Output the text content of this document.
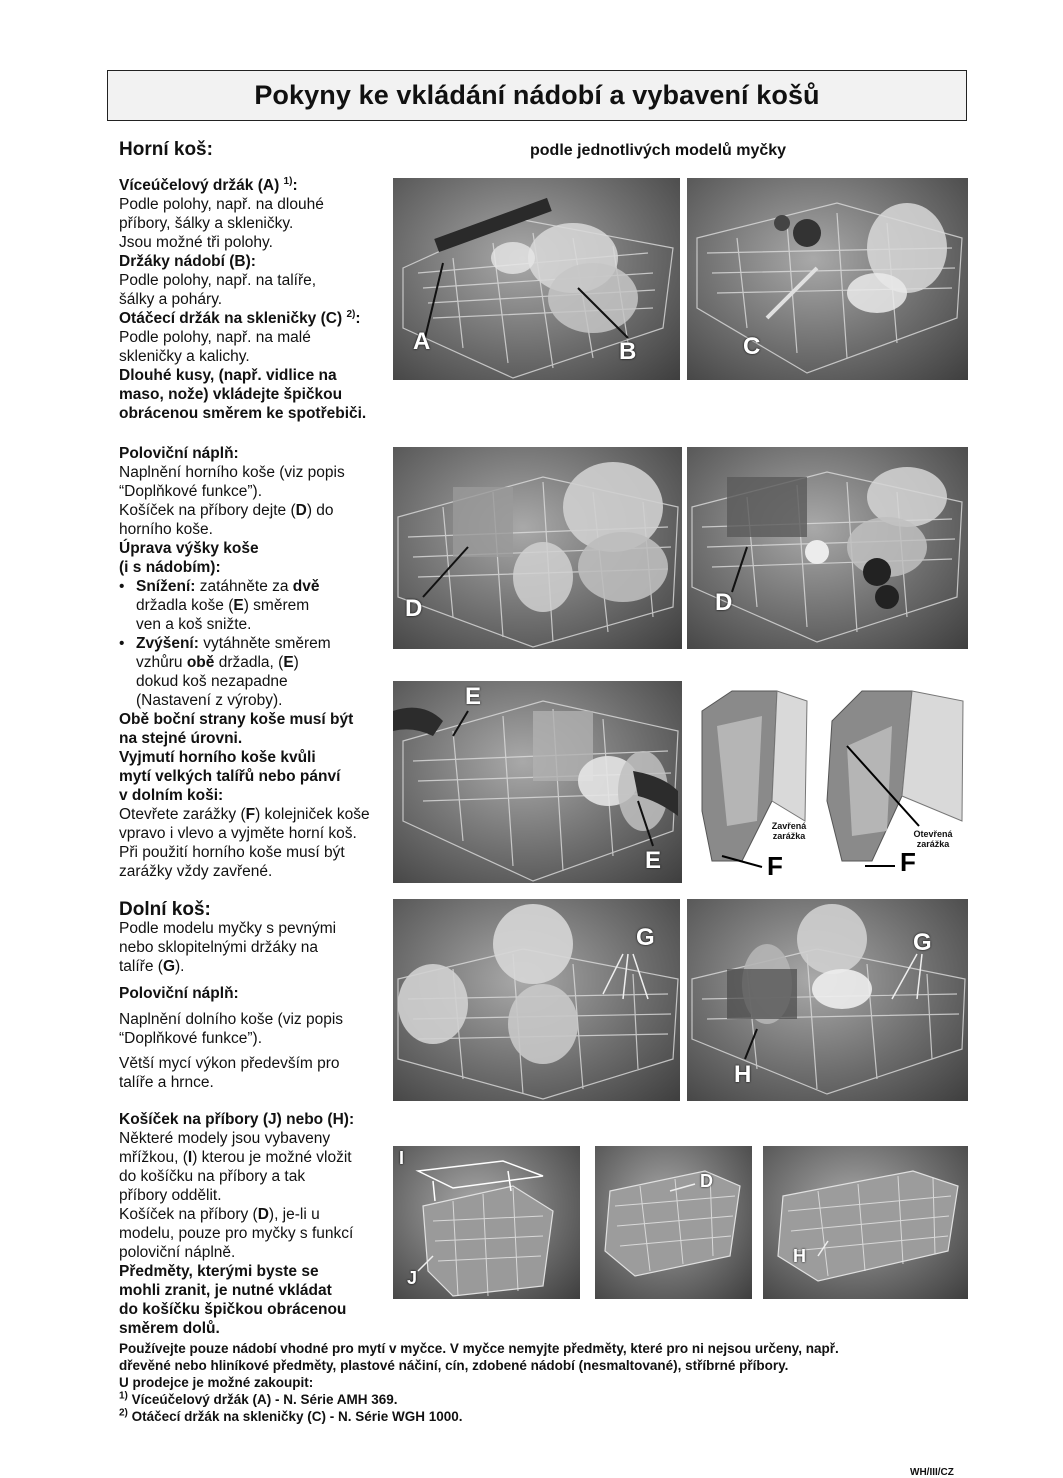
Pokyny ke vkládání nádobí a vybavení košů
podle jednotlivých modelů myčky

Horní koš:

Víceúčelový držák (A) $^{1)}$:

Podle polohy, např. na dlouhé

příbory, šálky a skleničky.

Jsou možné tři polohy.

Držáky nádobí (B):

Podle polohy, např. na talíře,

šálky a poháry.

Otáčecí držák na skleničky (C) $^{2)}$:

Podle polohy, např. na malé

skleničky a kalichy.

Dlouhé kusy, (např. vidlice na

maso, nože) vkládejte špičkou

obrácenou směrem ke spotřebiči.

Poloviční náplň:

Naplnění horního koše (viz popis

“Doplňkové funkce”).

Košíček na příbory dejte (D) do

horního koše.

Úprava výšky koše

(i s nádobím):

• Snížení: zatáhněte za dvě
držadla koše (E) směrem
ven a koš snižte.
• Zvýšení: vytáhněte směrem
vzhůru obě držadla, (E)
dokud koš nezapadne
(Nastavení z výroby).

Obě boční strany koše musí být

na stejné úrovni.

Vyjmutí horního koše kvůli

mytí velkých talířů nebo pánví

v dolním koši:

Otevřete zarážky (F) kolejniček koše

vpravo i vlevo a vyjměte horní koš.

Při použití horního koše musí být

zarážky vždy zavřené.

Dolní koš:

Podle modelu myčky s pevnými

nebo sklopitelnými držáky na

talíře (G).

Poloviční náplň:

Naplnění dolního koše (viz popis

“Doplňkové funkce”).

Větší mycí výkon především pro

talíře a hrnce.

Košíček na příbory (J) nebo (H):

Některé modely jsou vybaveny

mřížkou, (I) kterou je možné vložit

do košíčku na příbory a tak

příbory oddělit.

Košíček na příbory (D), je-li u

modelu, pouze pro myčky s funkcí

poloviční náplně.

Předměty, kterými byste se

mohli zranit, je nutné vkládat

do košíčku špičkou obrácenou

směrem dolů.

A	B	C
D	D
E
E
Zavřená zarážka	Otevřená zarážka
F	F
G	G
H
I
J
D
H

Používejte pouze nádobí vhodné pro mytí v myčce. V myčce nemyjte předměty, které pro ni nejsou určeny, např.

dřevěné nebo hliníkové předměty, plastové náčiní, cín, zdobené nádobí (nesmaltované), stříbrné příbory.

U prodejce je možné zakoupit:

$^{1)}$ Víceúčelový držák (A) - N. Série AMH 369.

$^{2)}$ Otáčecí držák na skleničky (C) - N. Série WGH 1000.

WH/III/CZ
